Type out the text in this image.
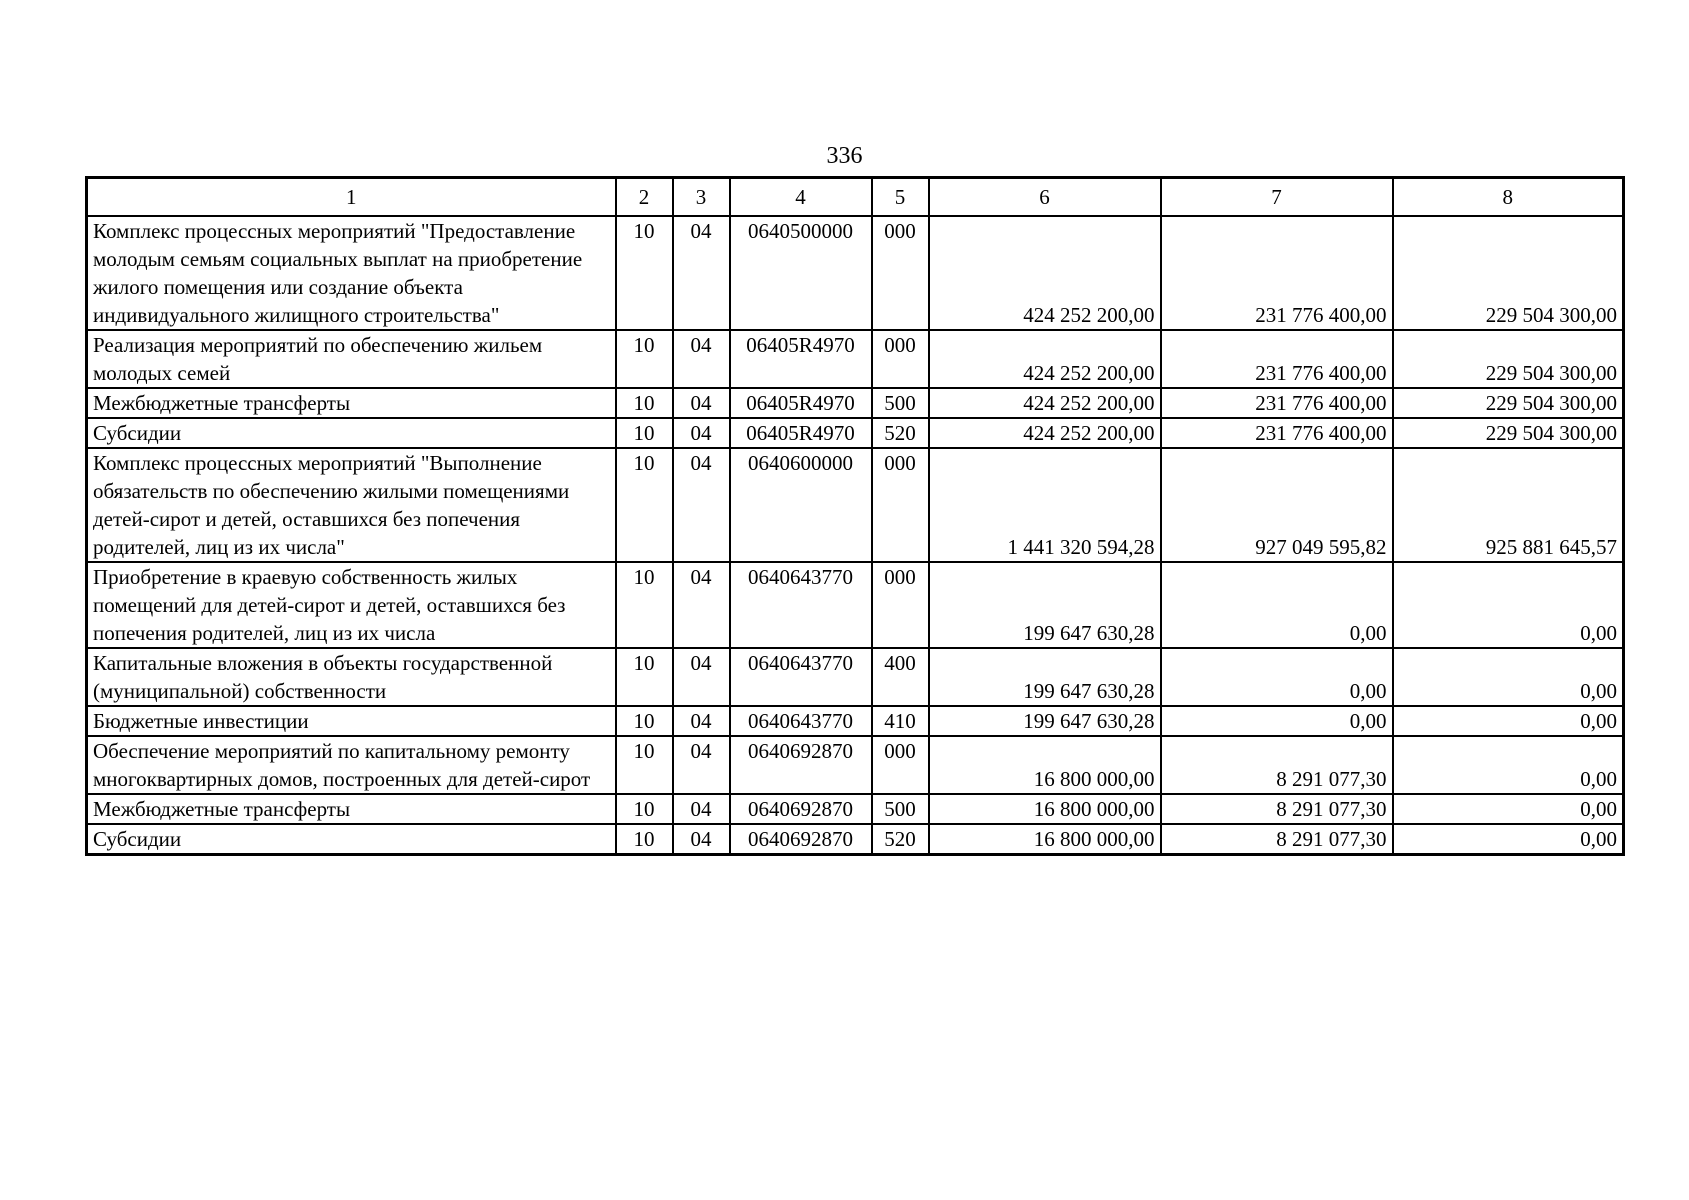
336
1	2	3	4	5	6	7	8
Комплекс процессных мероприятий "Предоставление молодым семьям социальных выплат на приобретение жилого помещения или создание объекта индивидуального жилищного строительства"	10	04	0640500000	000	424 252 200,00	231 776 400,00	229 504 300,00
Реализация мероприятий по обеспечению жильем молодых семей	10	04	06405R4970	000	424 252 200,00	231 776 400,00	229 504 300,00
Межбюджетные трансферты	10	04	06405R4970	500	424 252 200,00	231 776 400,00	229 504 300,00
Субсидии	10	04	06405R4970	520	424 252 200,00	231 776 400,00	229 504 300,00
Комплекс процессных мероприятий "Выполнение обязательств по обеспечению жилыми помещениями детей-сирот и детей, оставшихся без попечения родителей, лиц из их числа"	10	04	0640600000	000	1 441 320 594,28	927 049 595,82	925 881 645,57
Приобретение в краевую собственность жилых помещений для детей-сирот и детей, оставшихся без попечения родителей, лиц из их числа	10	04	0640643770	000	199 647 630,28	0,00	0,00
Капитальные вложения в объекты государственной (муниципальной) собственности	10	04	0640643770	400	199 647 630,28	0,00	0,00
Бюджетные инвестиции	10	04	0640643770	410	199 647 630,28	0,00	0,00
Обеспечение мероприятий по капитальному ремонту многоквартирных домов, построенных для детей-сирот	10	04	0640692870	000	16 800 000,00	8 291 077,30	0,00
Межбюджетные трансферты	10	04	0640692870	500	16 800 000,00	8 291 077,30	0,00
Субсидии	10	04	0640692870	520	16 800 000,00	8 291 077,30	0,00
